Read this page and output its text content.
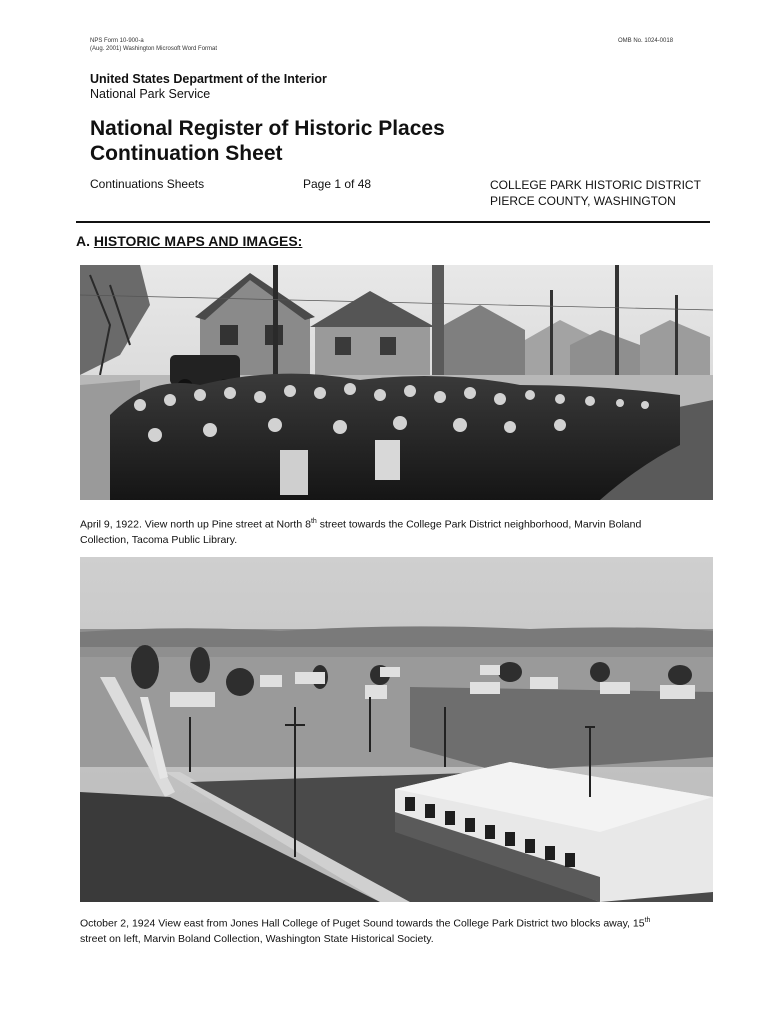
NPS Form 10-900-a
(Aug. 2001) Washington Microsoft Word Format
OMB No. 1024-0018
United States Department of the Interior
National Park Service
National Register of Historic Places
Continuation Sheet
Continuations Sheets	Page 1 of 48	COLLEGE PARK HISTORIC DISTRICT
PIERCE COUNTY, WASHINGTON
A. HISTORIC MAPS AND IMAGES:
April 9, 1922. View north up Pine street at North 8th street towards the College Park District neighborhood, Marvin Boland
Collection, Tacoma Public Library.
October 2, 1924 View east from Jones Hall College of Puget Sound towards the College Park District two blocks away, 15th
street on left, Marvin Boland Collection, Washington State Historical Society.
